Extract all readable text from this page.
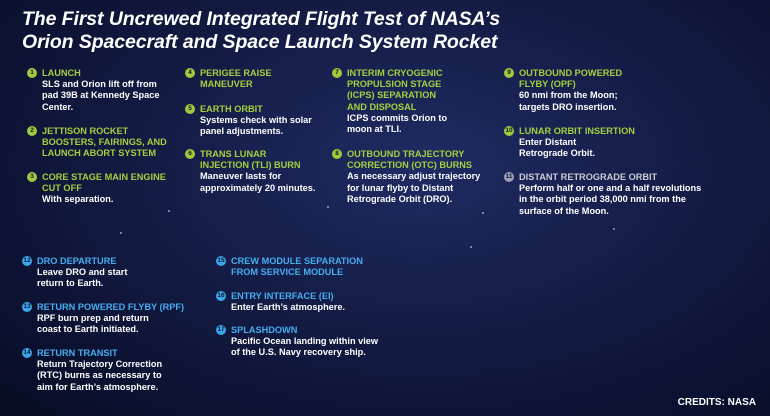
The First Uncrewed Integrated Flight Test of NASA’s
Orion Spacecraft and Space Launch System Rocket
1 LAUNCH
SLS and Orion lift off from pad 39B at Kennedy Space Center.
2 JETTISON ROCKET BOOSTERS, FAIRINGS, AND LAUNCH ABORT SYSTEM
3 CORE STAGE MAIN ENGINE CUT OFF
With separation.
4 PERIGEE RAISE MANEUVER
5 EARTH ORBIT
Systems check with solar panel adjustments.
6 TRANS LUNAR INJECTION (TLI) BURN
Maneuver lasts for approximately 20 minutes.
7 INTERIM CRYOGENIC PROPULSION STAGE (ICPS) SEPARATION AND DISPOSAL
ICPS commits Orion to moon at TLI.
8 OUTBOUND TRAJECTORY CORRECTION (OTC) BURNS
As necessary adjust trajectory for lunar flyby to Distant Retrograde Orbit (DRO).
9 OUTBOUND POWERED FLYBY (OPF)
60 nmi from the Moon; targets DRO insertion.
10 LUNAR ORBIT INSERTION
Enter Distant Retrograde Orbit.
11 DISTANT RETROGRADE ORBIT
Perform half or one and a half revolutions in the orbit period 38,000 nmi from the surface of the Moon.
12 DRO DEPARTURE
Leave DRO and start return to Earth.
13 RETURN POWERED FLYBY (RPF)
RPF burn prep and return coast to Earth initiated.
14 RETURN TRANSIT
Return Trajectory Correction (RTC) burns as necessary to aim for Earth’s atmosphere.
15 CREW MODULE SEPARATION FROM SERVICE MODULE
16 ENTRY INTERFACE (EI)
Enter Earth’s atmosphere.
17 SPLASHDOWN
Pacific Ocean landing within view of the U.S. Navy recovery ship.
CREDITS: NASA
